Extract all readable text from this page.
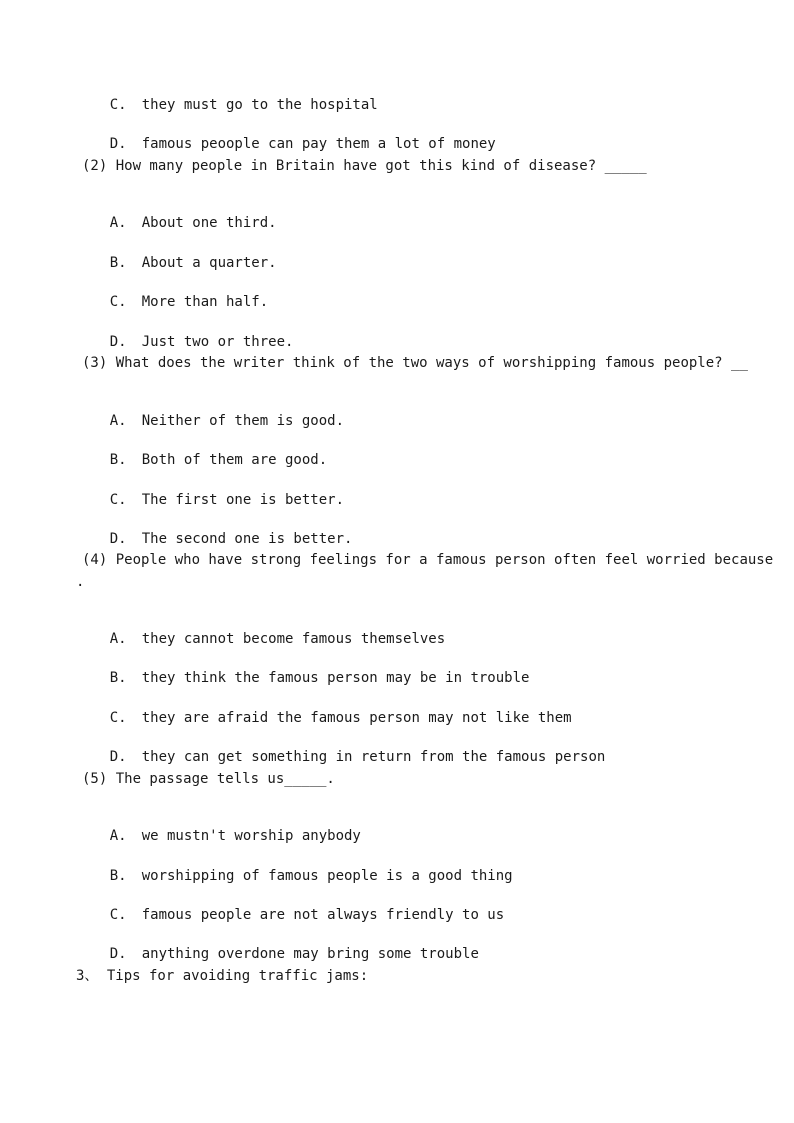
C. they must go to the hospital

D. famous peoople can pay them a lot of money

(2) How many people in Britain have got this kind of disease? _____

A. About one third.

B. About a quarter.

C. More than half.

D. Just two or three.

(3) What does the writer think of the two ways of worshipping famous people? __

A. Neither of them is good.

B. Both of them are good.

C. The first one is better.

D. The second one is better.

(4) People who have strong feelings for a famous person often feel worried because
.

A. they cannot become famous themselves

B. they think the famous person may be in trouble

C. they are afraid the famous person may not like them

D. they can get something in return from the famous person

(5) The passage tells us_____.

A. we mustn't worship anybody

B. worshipping of famous people is a good thing

C. famous people are not always friendly to us

D. anything overdone may bring some trouble

3、 Tips for avoiding traffic jams:
